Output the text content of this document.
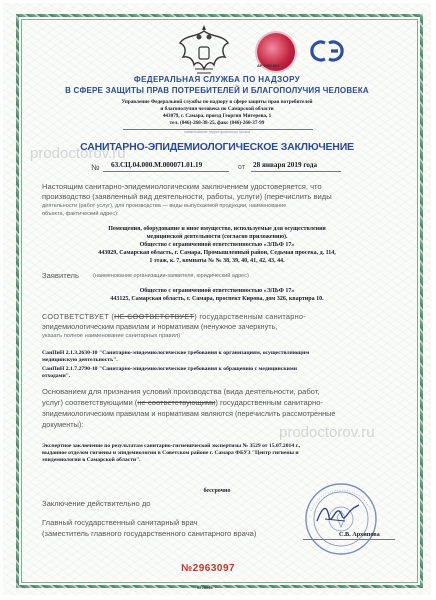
АР 2551884

ФЕДЕРАЛЬНАЯ СЛУЖБА ПО НАДЗОРУ

В СФЕРЕ ЗАЩИТЫ ПРАВ ПОТРЕБИТЕЛЕЙ И БЛАГОПОЛУЧИЯ ЧЕЛОВЕКА

Управление Федеральной службы по надзору в сфере защиты прав потребителей

и благополучия человека по Самарской области

443079, г. Самара, проезд Георгия Митерева, 1

тел. (846)-260-38-25, факс (846)-260-37-99

наименование территориального органа

САНИТАРНО-ЭПИДЕМИОЛОГИЧЕСКОЕ ЗАКЛЮЧЕНИЕ

prodoctorov.ru

№ 63.СЦ.04.000.М.000071.01.19	от 28 января 2019 года

Настоящим санитарно-эпидемиологическим заключением удостоверяется, что

производство (заявленный вид деятельности, работы, услуги) (перечислить виды

деятельности (работ услуг), для производства — виды выпускаемой продукции, наименование

объекта, фактический адрес):

Помещения, оборудование и иное имущество, используемые для осуществления

медицинской деятельности (согласно приложению).

Общество с ограниченной ответственностью «ЭЛЬФ 17»

443029, Самарская область, г. Самара, Промышленный район, Седьмая просека, д. 114,

1 этаж, к. 7, комнаты № № 38, 39, 40, 41, 42, 43, 44.

Заявитель	(наименование организации-заявителя, юридический адрес)

Общество с ограниченной ответственностью «ЭЛЬФ 17»

443125, Самарская область, г. Самара, проспект Кирова, дом 326, квартира 10.

СООТВЕТСТВУЕТ (НЕ СООТВЕТСТВУЕТ) государственным санитарно-

эпидемиологическим правилам и нормативам (ненужное зачеркнуть,

указать полное наименование санитарных правил)

СанПиН 2.1.3.2630-10 "Санитарно-эпидемиологические требования к организациям, осуществляющим

медицинскую деятельность".

СанПиН 2.1.7.2790-10 "Санитарно-эпидемиологические требования к обращению с медицинскими

отходами".

Основанием для признания условий производства (вида деятельности, работ,

услуг) соответствующими (не соответствующими) государственным санитарно-

эпидемиологическим правилам и нормативам являются (перечислить рассмотренные

документы):	prodoctorov.ru

Экспертное заключение по результатам санитарно-гигиенической экспертизы № 3529 от 15.07.2014 г.,

выданное отделом гигиены и эпидемиологии в Советском районе г. Самара ФБУЗ "Центр гигиены и

эпидемиологии в Самарской области".

бессрочно

Заключение действительно до

Главный государственный санитарный врач

(заместитель главного государственного санитарного врача)	С.В. Архипова

№2963097

0278944
